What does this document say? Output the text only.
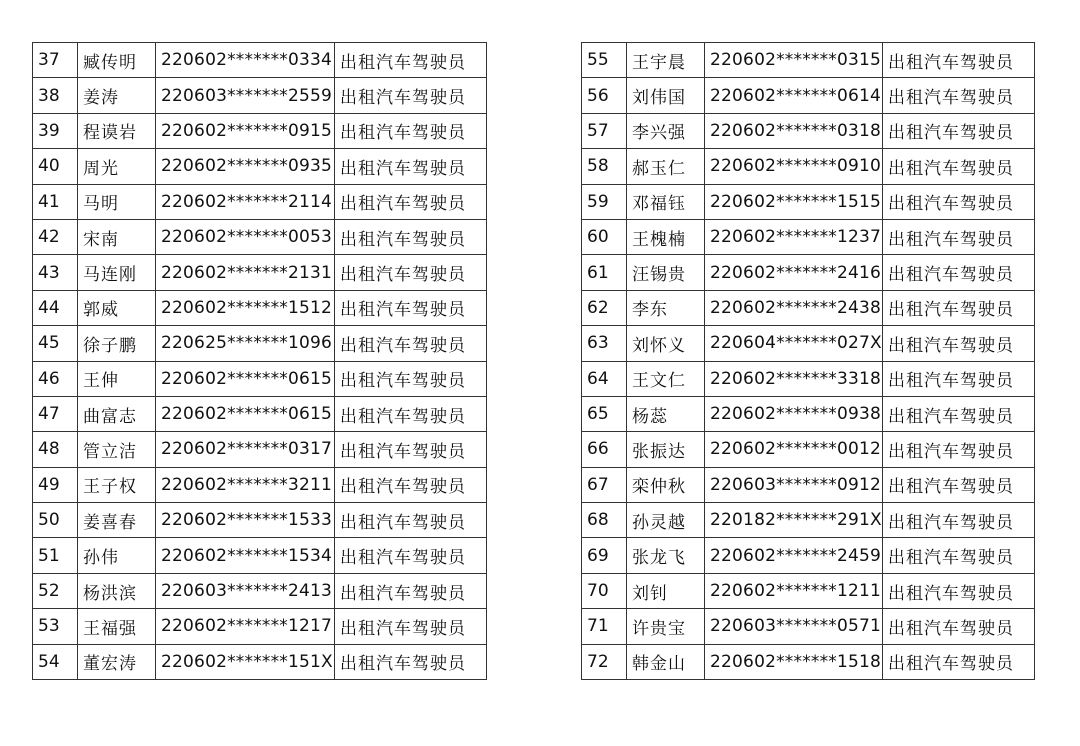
37	臧传明	220602*******0334	出租汽车驾驶员
38	姜涛	220603*******2559	出租汽车驾驶员
39	程谟岩	220602*******0915	出租汽车驾驶员
40	周光	220602*******0935	出租汽车驾驶员
41	马明	220602*******2114	出租汽车驾驶员
42	宋南	220602*******0053	出租汽车驾驶员
43	马连刚	220602*******2131	出租汽车驾驶员
44	郭威	220602*******1512	出租汽车驾驶员
45	徐子鹏	220625*******1096	出租汽车驾驶员
46	王伸	220602*******0615	出租汽车驾驶员
47	曲富志	220602*******0615	出租汽车驾驶员
48	管立洁	220602*******0317	出租汽车驾驶员
49	王子权	220602*******3211	出租汽车驾驶员
50	姜喜春	220602*******1533	出租汽车驾驶员
51	孙伟	220602*******1534	出租汽车驾驶员
52	杨洪滨	220603*******2413	出租汽车驾驶员
53	王福强	220602*******1217	出租汽车驾驶员
54	董宏涛	220602*******151X	出租汽车驾驶员
55	王宇晨	220602*******0315	出租汽车驾驶员
56	刘伟国	220602*******0614	出租汽车驾驶员
57	李兴强	220602*******0318	出租汽车驾驶员
58	郝玉仁	220602*******0910	出租汽车驾驶员
59	邓福钰	220602*******1515	出租汽车驾驶员
60	王槐楠	220602*******1237	出租汽车驾驶员
61	汪锡贵	220602*******2416	出租汽车驾驶员
62	李东	220602*******2438	出租汽车驾驶员
63	刘怀义	220604*******027X	出租汽车驾驶员
64	王文仁	220602*******3318	出租汽车驾驶员
65	杨蕊	220602*******0938	出租汽车驾驶员
66	张振达	220602*******0012	出租汽车驾驶员
67	栾仲秋	220603*******0912	出租汽车驾驶员
68	孙灵越	220182*******291X	出租汽车驾驶员
69	张龙飞	220602*******2459	出租汽车驾驶员
70	刘钊	220602*******1211	出租汽车驾驶员
71	许贵宝	220603*******0571	出租汽车驾驶员
72	韩金山	220602*******1518	出租汽车驾驶员
